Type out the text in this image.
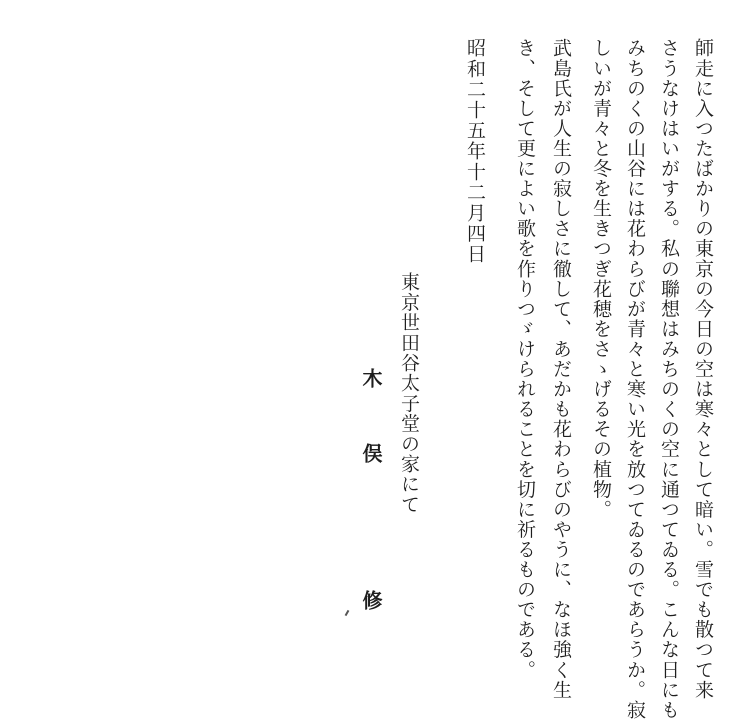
師走に入つたばかりの東京の今日の空は寒々として暗い。雪でも散つて来
さうなけはいがする。私の聯想はみちのくの空に通つてゐる。こんな日にも
みちのくの山谷には花わらびが青々と寒い光を放つてゐるのであらうか。寂
しいが青々と冬を生きつぎ花穂をさゝげるその植物。
武島氏が人生の寂しさに徹して、あだかも花わらびのやうに、なほ強く生
き、そして更によい歌を作りつゞけられることを切に祈るものである。
昭和二十五年十二月四日
東京世田谷太子堂の家にて
木 俣 修
